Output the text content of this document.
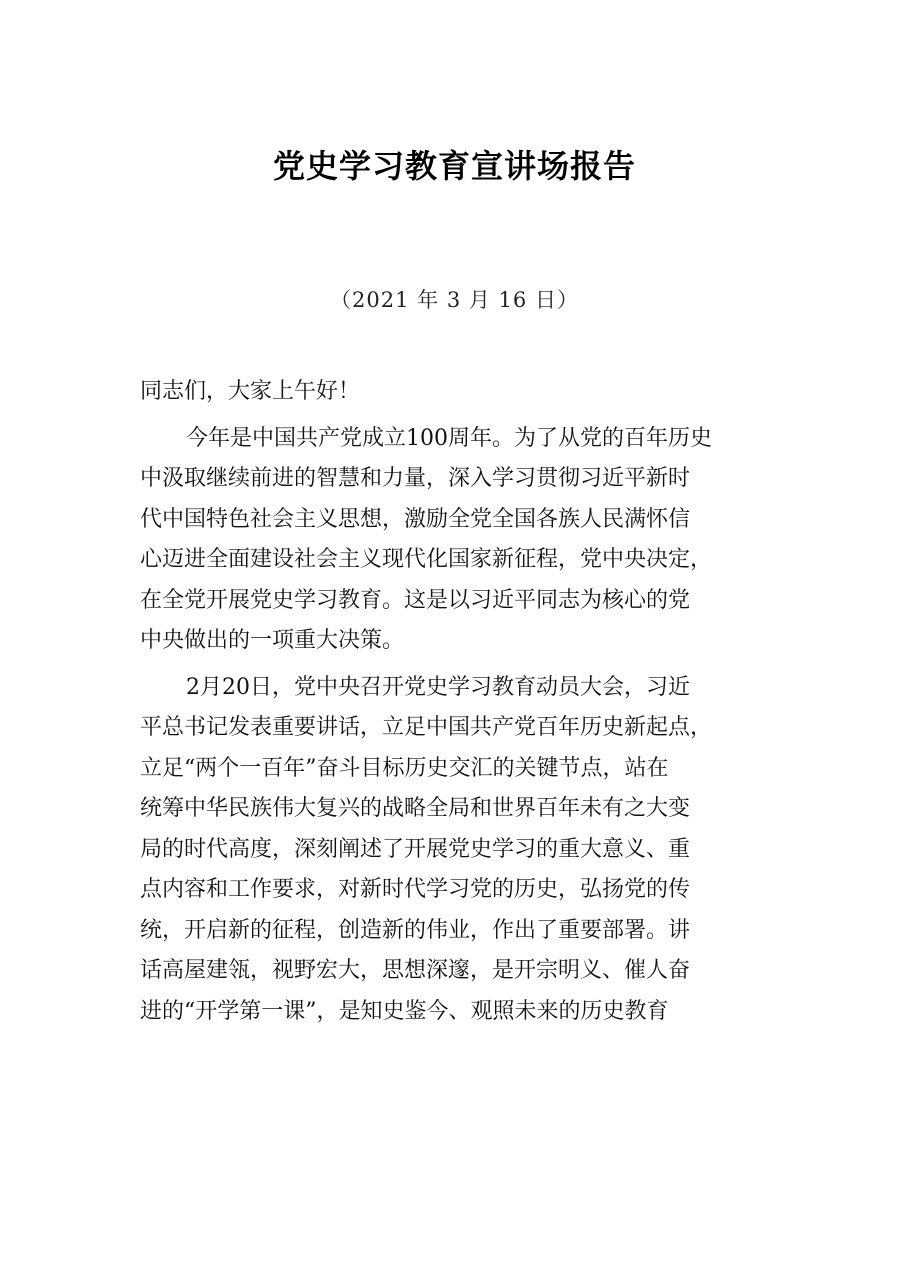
党史学习教育宣讲场报告
（2021 年 3 月 16 日）
同志们，大家上午好！
今年是中国共产党成立100周年。为了从党的百年历史
中汲取继续前进的智慧和力量，深入学习贯彻习近平新时
代中国特色社会主义思想，激励全党全国各族人民满怀信
心迈进全面建设社会主义现代化国家新征程，党中央决定，
在全党开展党史学习教育。这是以习近平同志为核心的党
中央做出的一项重大决策。
2月20日，党中央召开党史学习教育动员大会，习近
平总书记发表重要讲话，立足中国共产党百年历史新起点，
立足“两个一百年”奋斗目标历史交汇的关键节点，站在
统筹中华民族伟大复兴的战略全局和世界百年未有之大变
局的时代高度，深刻阐述了开展党史学习的重大意义、重
点内容和工作要求，对新时代学习党的历史，弘扬党的传
统，开启新的征程，创造新的伟业，作出了重要部署。讲
话高屋建瓴，视野宏大，思想深邃，是开宗明义、催人奋
进的“开学第一课”，是知史鉴今、观照未来的历史教育
